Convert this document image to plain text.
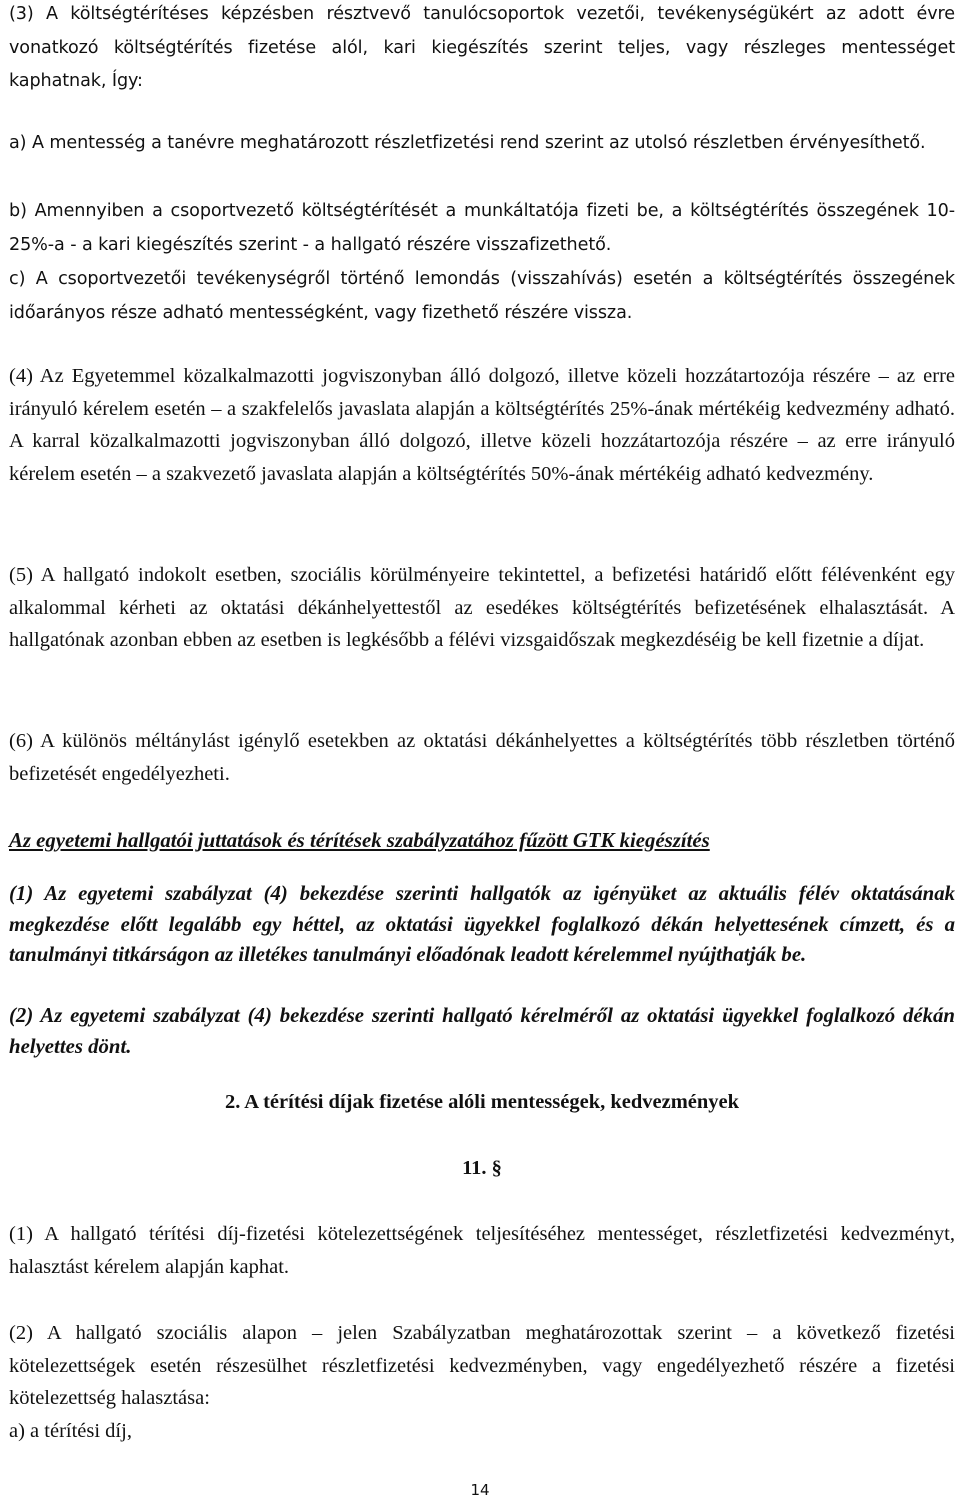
(3) A költségtérítéses képzésben résztvevő tanulócsoportok vezetői, tevékenységükért az adott évre vonatkozó költségtérítés fizetése alól, kari kiegészítés szerint teljes, vagy részleges mentességet kaphatnak, Így:

a) A mentesség a tanévre meghatározott részletfizetési rend szerint az utolsó részletben érvényesíthető.

b) Amennyiben a csoportvezető költségtérítését a munkáltatója fizeti be, a költségtérítés összegének 10-25%-a - a kari kiegészítés szerint - a hallgató részére visszafizethető.

c) A csoportvezetői tevékenységről történő lemondás (visszahívás) esetén a költségtérítés összegének időarányos része adható mentességként, vagy fizethető részére vissza.

(4) Az Egyetemmel közalkalmazotti jogviszonyban álló dolgozó, illetve közeli hozzátartozója részére – az erre irányuló kérelem esetén – a szakfelelős javaslata alapján a költségtérítés 25%-ának mértékéig kedvezmény adható. A karral közalkalmazotti jogviszonyban álló dolgozó, illetve közeli hozzátartozója részére – az erre irányuló kérelem esetén – a szakvezető javaslata alapján a költségtérítés 50%-ának mértékéig adható kedvezmény.

(5) A hallgató indokolt esetben, szociális körülményeire tekintettel, a befizetési határidő előtt félévenként egy alkalommal kérheti az oktatási dékánhelyettestől az esedékes költségtérítés befizetésének elhalasztását. A hallgatónak azonban ebben az esetben is legkésőbb a félévi vizsgaidőszak megkezdéséig be kell fizetnie a díjat.

(6) A különös méltánylást igénylő esetekben az oktatási dékánhelyettes a költségtérítés több részletben történő befizetését engedélyezheti.

Az egyetemi hallgatói juttatások és térítések szabályzatához fűzött GTK kiegészítés

(1) Az egyetemi szabályzat (4) bekezdése szerinti hallgatók az igényüket az aktuális félév oktatásának megkezdése előtt legalább egy héttel, az oktatási ügyekkel foglalkozó dékán helyettesének címzett, és a tanulmányi titkárságon az illetékes tanulmányi előadónak leadott kérelemmel nyújthatják be.

(2) Az egyetemi szabályzat (4) bekezdése szerinti hallgató kérelméről az oktatási ügyekkel foglalkozó dékán helyettes dönt.

2. A térítési díjak fizetése alóli mentességek, kedvezmények

11. §

(1) A hallgató térítési díj-fizetési kötelezettségének teljesítéséhez mentességet, részletfizetési kedvezményt, halasztást kérelem alapján kaphat.

(2) A hallgató szociális alapon – jelen Szabályzatban meghatározottak szerint – a következő fizetési kötelezettségek esetén részesülhet részletfizetési kedvezményben, vagy engedélyezhető részére a fizetési kötelezettség halasztása:

a) a térítési díj,

14
